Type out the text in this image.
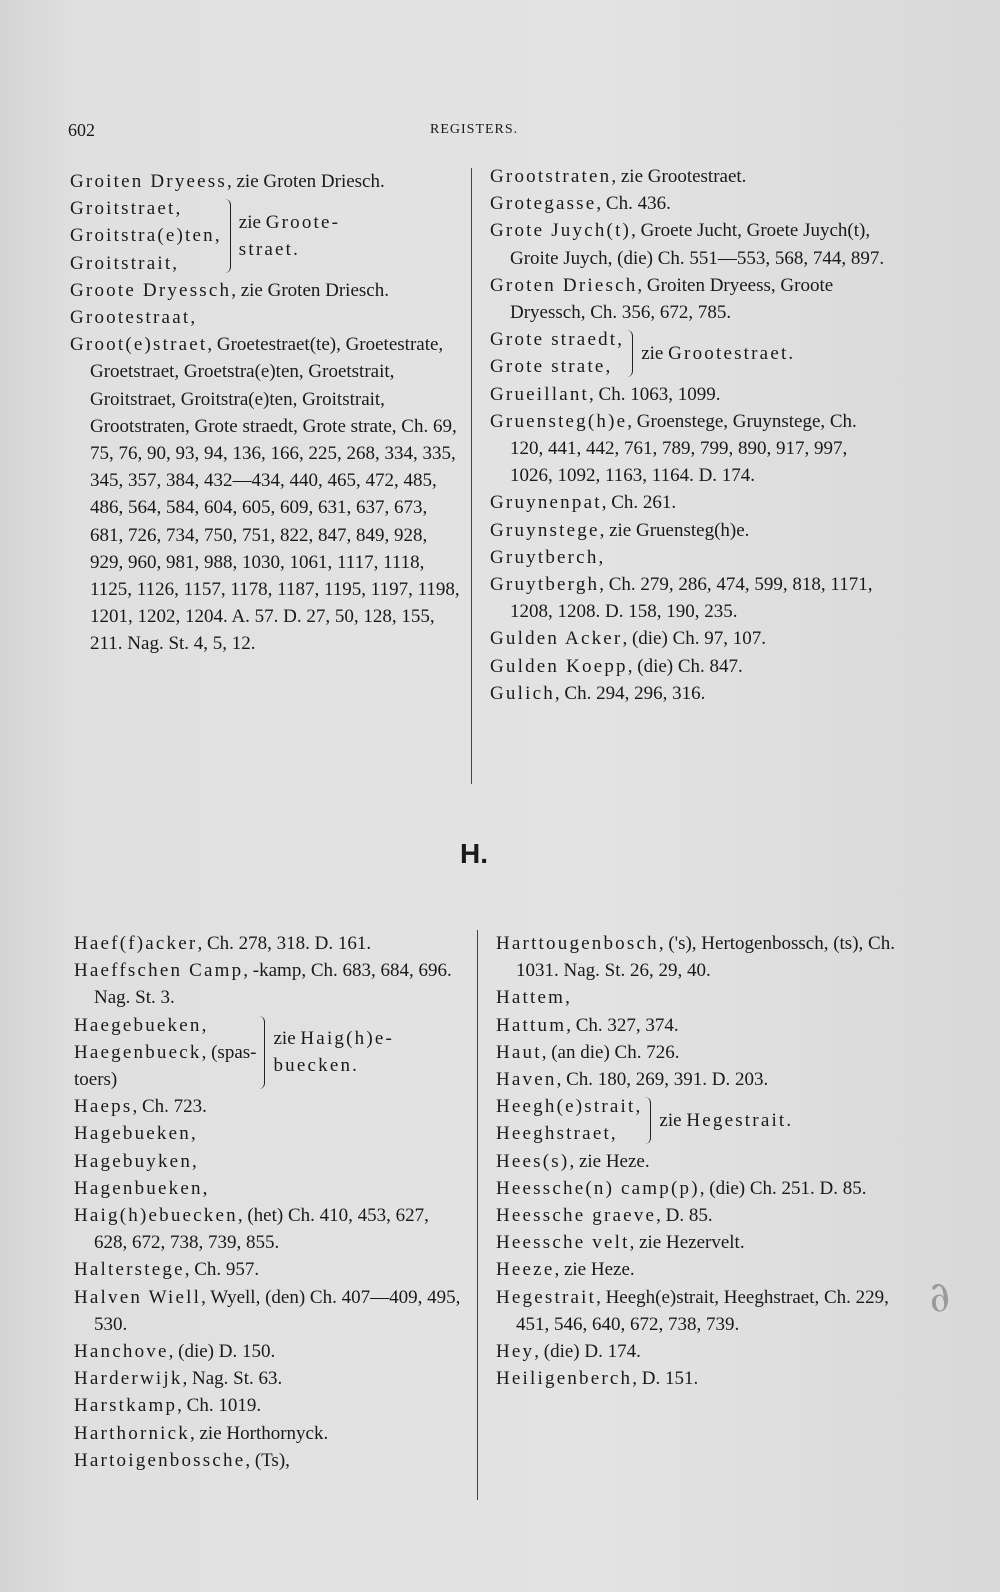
602	REGISTERS.
Groiten Dryeess, zie Groten Driesch.
Groitstraet,
Groitstra(e)ten,
Groitstrait,
zie Groote-
straet.
Groote Dryessch, zie Groten Driesch.
Grootestraat,
Groot(e)straet, Groetestraet(te), Groetestrate, Groetstraet, Groetstra(e)ten, Groetstrait, Groitstraet, Groitstra(e)ten, Groitstrait, Grootstraten, Grote straedt, Grote strate, Ch. 69, 75, 76, 90, 93, 94, 136, 166, 225, 268, 334, 335, 345, 357, 384, 432—434, 440, 465, 472, 485, 486, 564, 584, 604, 605, 609, 631, 637, 673, 681, 726, 734, 750, 751, 822, 847, 849, 928, 929, 960, 981, 988, 1030, 1061, 1117, 1118, 1125, 1126, 1157, 1178, 1187, 1195, 1197, 1198, 1201, 1202, 1204. A. 57. D. 27, 50, 128, 155, 211. Nag. St. 4, 5, 12.
Grootstraten, zie Grootestraet.
Grotegasse, Ch. 436.
Grote Juych(t), Groete Jucht, Groete Juych(t), Groite Juych, (die) Ch. 551—553, 568, 744, 897.
Groten Driesch, Groiten Dryeess, Groote Dryessch, Ch. 356, 672, 785.
Grote straedt,
Grote strate,
zie Grootestraet.
Grueillant, Ch. 1063, 1099.
Gruensteg(h)e, Groenstege, Gruynstege, Ch. 120, 441, 442, 761, 789, 799, 890, 917, 997, 1026, 1092, 1163, 1164. D. 174.
Gruynenpat, Ch. 261.
Gruynstege, zie Gruensteg(h)e.
Gruytberch,
Gruytbergh, Ch. 279, 286, 474, 599, 818, 1171, 1208, 1208. D. 158, 190, 235.
Gulden Acker, (die) Ch. 97, 107.
Gulden Koepp, (die) Ch. 847.
Gulich, Ch. 294, 296, 316.
H.
Haef(f)acker, Ch. 278, 318. D. 161.
Haeffschen Camp, -kamp, Ch. 683, 684, 696. Nag. St. 3.
Haegebueken,
Haegenbueck, (spas-
toers)
zie Haig(h)e-
buecken.
Haeps, Ch. 723.
Hagebueken,
Hagebuyken,
Hagenbueken,
Haig(h)ebuecken, (het) Ch. 410, 453, 627, 628, 672, 738, 739, 855.
Halterstege, Ch. 957.
Halven Wiell, Wyell, (den) Ch. 407—409, 495, 530.
Hanchove, (die) D. 150.
Harderwijk, Nag. St. 63.
Harstkamp, Ch. 1019.
Harthornick, zie Horthornyck.
Hartoigenbossche, (Ts),
Harttougenbosch, ('s), Hertogenbossch, (ts), Ch. 1031. Nag. St. 26, 29, 40.
Hattem,
Hattum, Ch. 327, 374.
Haut, (an die) Ch. 726.
Haven, Ch. 180, 269, 391. D. 203.
Heegh(e)strait,
Heeghstraet,
zie Hegestrait.
Hees(s), zie Heze.
Heessche(n) camp(p), (die) Ch. 251. D. 85.
Heessche graeve, D. 85.
Heessche velt, zie Hezervelt.
Heeze, zie Heze.
Hegestrait, Heegh(e)strait, Heeghstraet, Ch. 229, 451, 546, 640, 672, 738, 739.
Hey, (die) D. 174.
Heiligenberch, D. 151.
∂
